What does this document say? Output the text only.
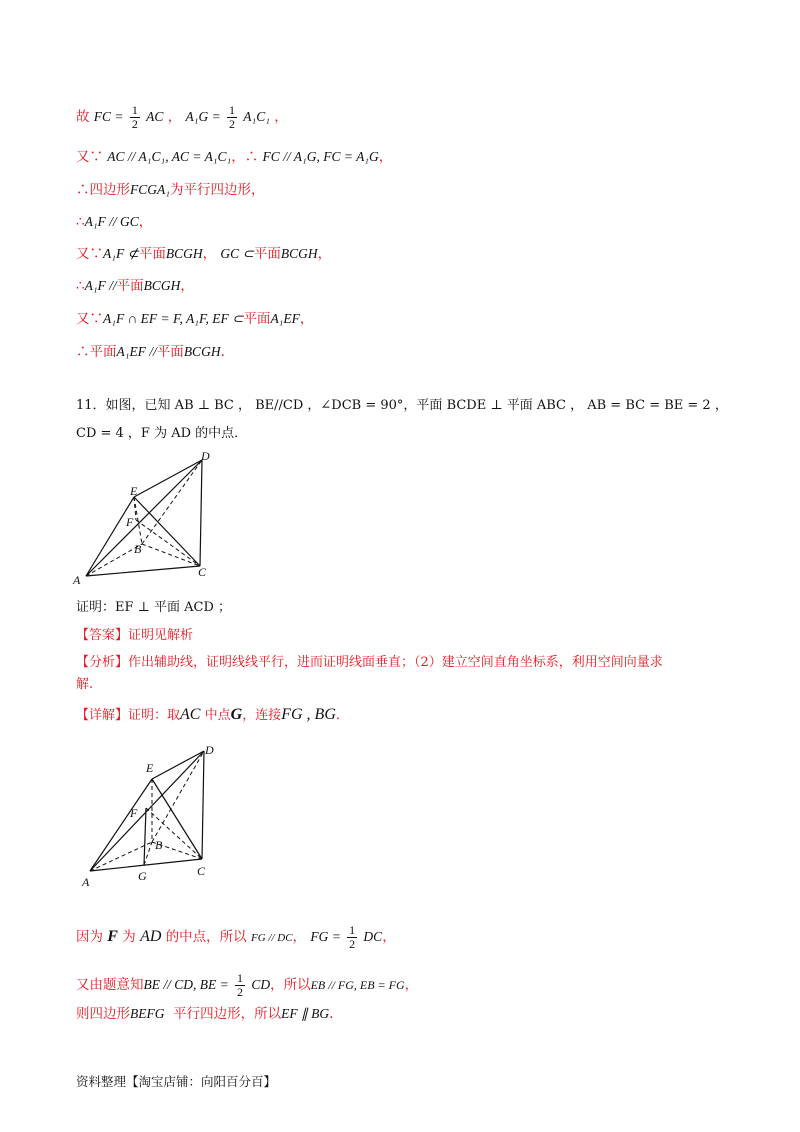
故 FC = $\frac{1}{2}$ AC ， $A_1G = \frac{1}{2} A_1C_1$ ，
又∵ AC // A₁C₁, AC = A₁C₁，∴ FC // A₁G, FC = A₁G，
∴四边形FCGA₁为平行四边形，
∴A₁F // GC，
又∵A₁F ⊄平面BCGH， GC ⊂平面BCGH，
∴A₁F //平面BCGH，
又∵A₁F ∩ EF = F, A₁F, EF ⊂平面A₁EF，
∴平面A₁EF //平面BCGH.
11．如图，已知 AB ⊥ BC ， BE//CD ，∠DCB = 90°，平面 BCDE ⊥ 平面 ABC ， AB = BC = BE = 2 ，
CD = 4 ，F 为 AD 的中点．
A
B
C
D
E
F
证明：EF ⊥ 平面 ACD ；
【答案】证明见解析
【分析】作出辅助线，证明线线平行，进而证明线面垂直；（2）建立空间直角坐标系，利用空间向量求
解.
【详解】证明：取AC 中点G，连接FG , BG．
A
B
C
D
E
F
G
因为 F 为 AD 的中点，所以 FG // DC， FG = $\frac{1}{2}$ DC，
又由题意知BE // CD, BE = $\frac{1}{2}$ CD，所以EB // FG, EB = FG，
则四边形BEFG 平行四边形，所以EF ∥ BG.
资料整理【淘宝店铺：向阳百分百】
